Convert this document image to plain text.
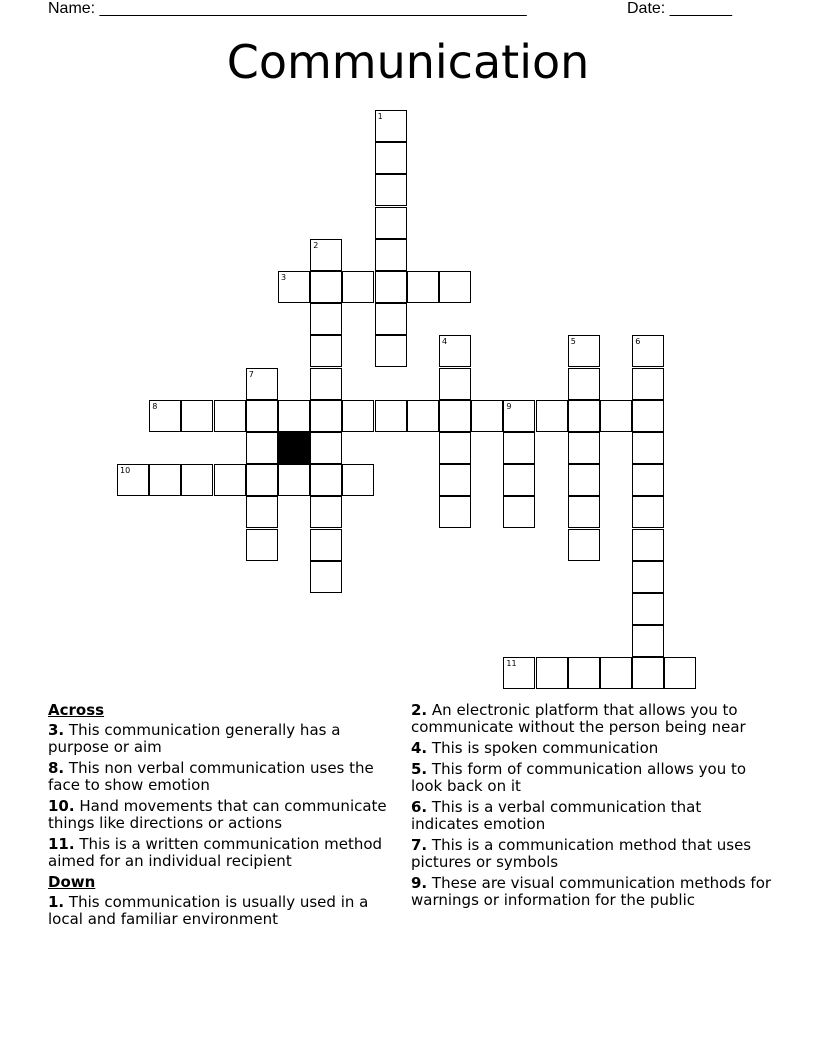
Name: ________________________________________________

	Date: _______

Communication
1
2
3
4	5	6
7
8	9
10
11
Across
3. This communication generally has a purpose or aim
8. This non verbal communication uses the face to show emotion
10. Hand movements that can communicate things like directions or actions
11. This is a written communication method aimed for an individual recipient
Down
1. This communication is usually used in a local and familiar environment
2. An electronic platform that allows you to communicate without the person being near
4. This is spoken communication
5. This form of communication allows you to look back on it
6. This is a verbal communication that indicates emotion
7. This is a communication method that uses pictures or symbols
9. These are visual communication methods for warnings or information for the public
